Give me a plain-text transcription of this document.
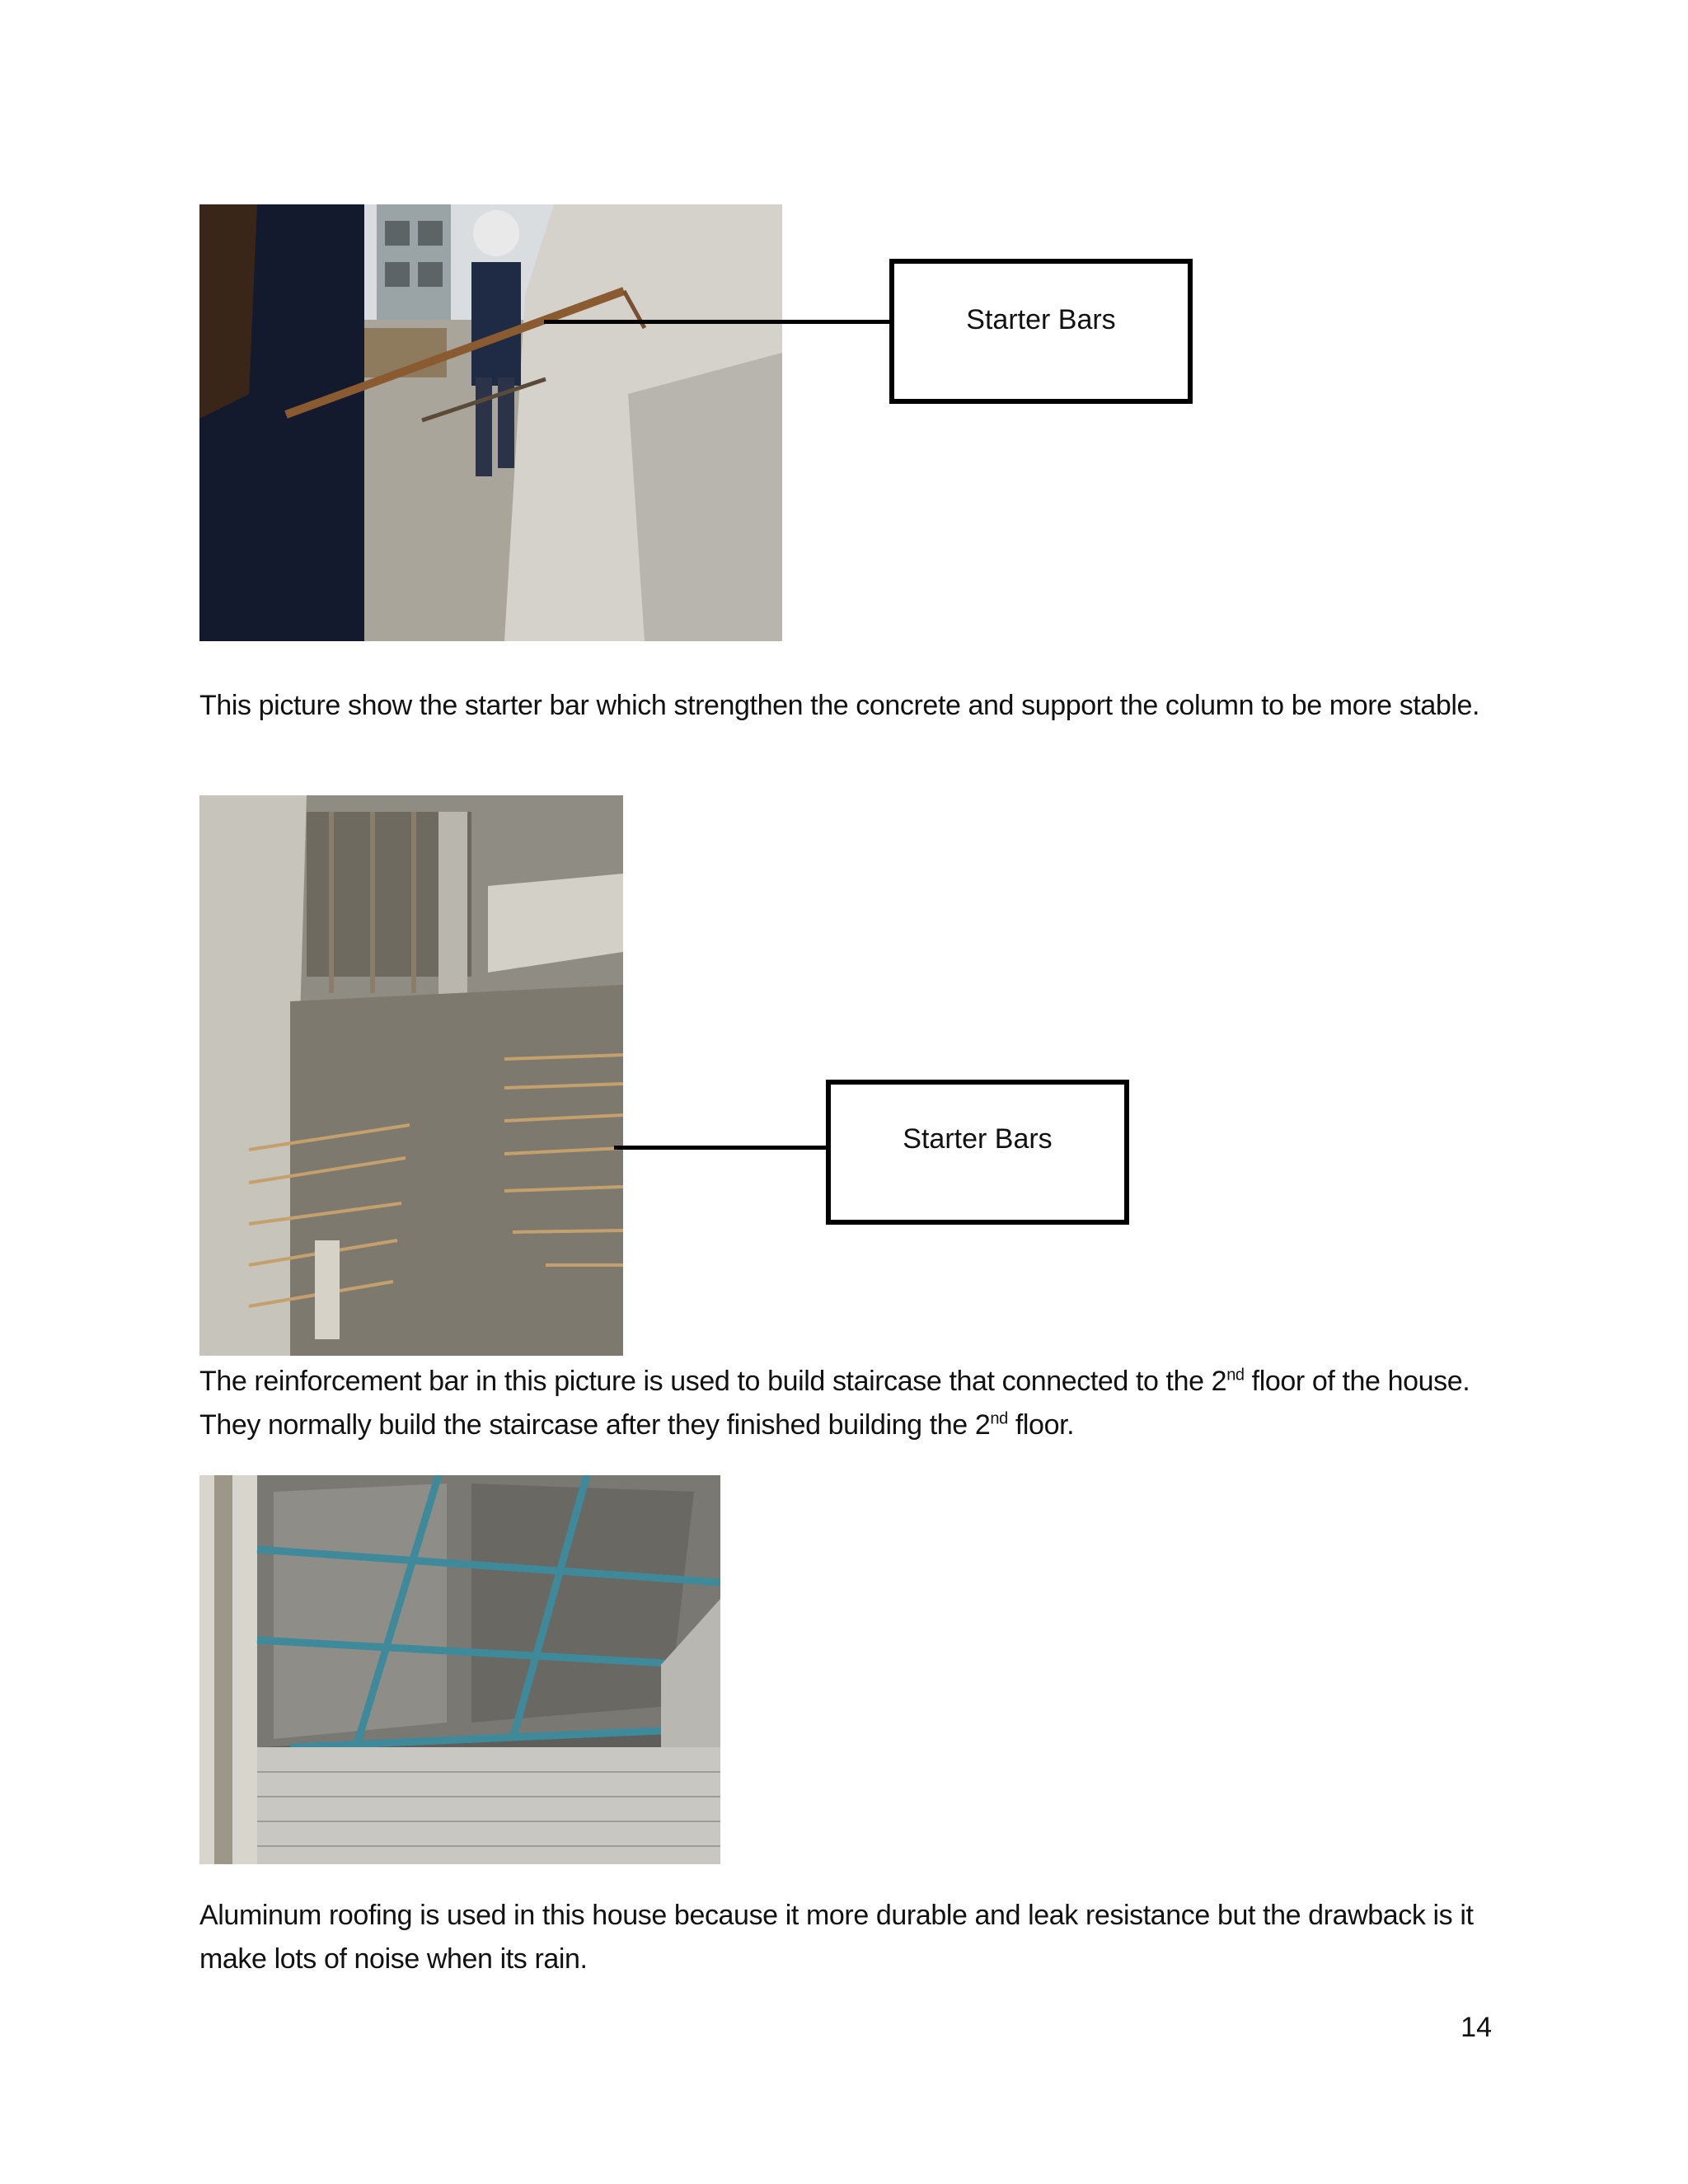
Starter Bars

This picture show the starter bar which strengthen the concrete and support the column to be more stable.

Starter Bars

The reinforcement bar in this picture is used to build staircase that connected to the 2nd floor of the house. They normally build the staircase after they finished building the 2nd floor.

Aluminum roofing is used in this house because it more durable and leak resistance but the drawback is it make lots of noise when its rain.

14
